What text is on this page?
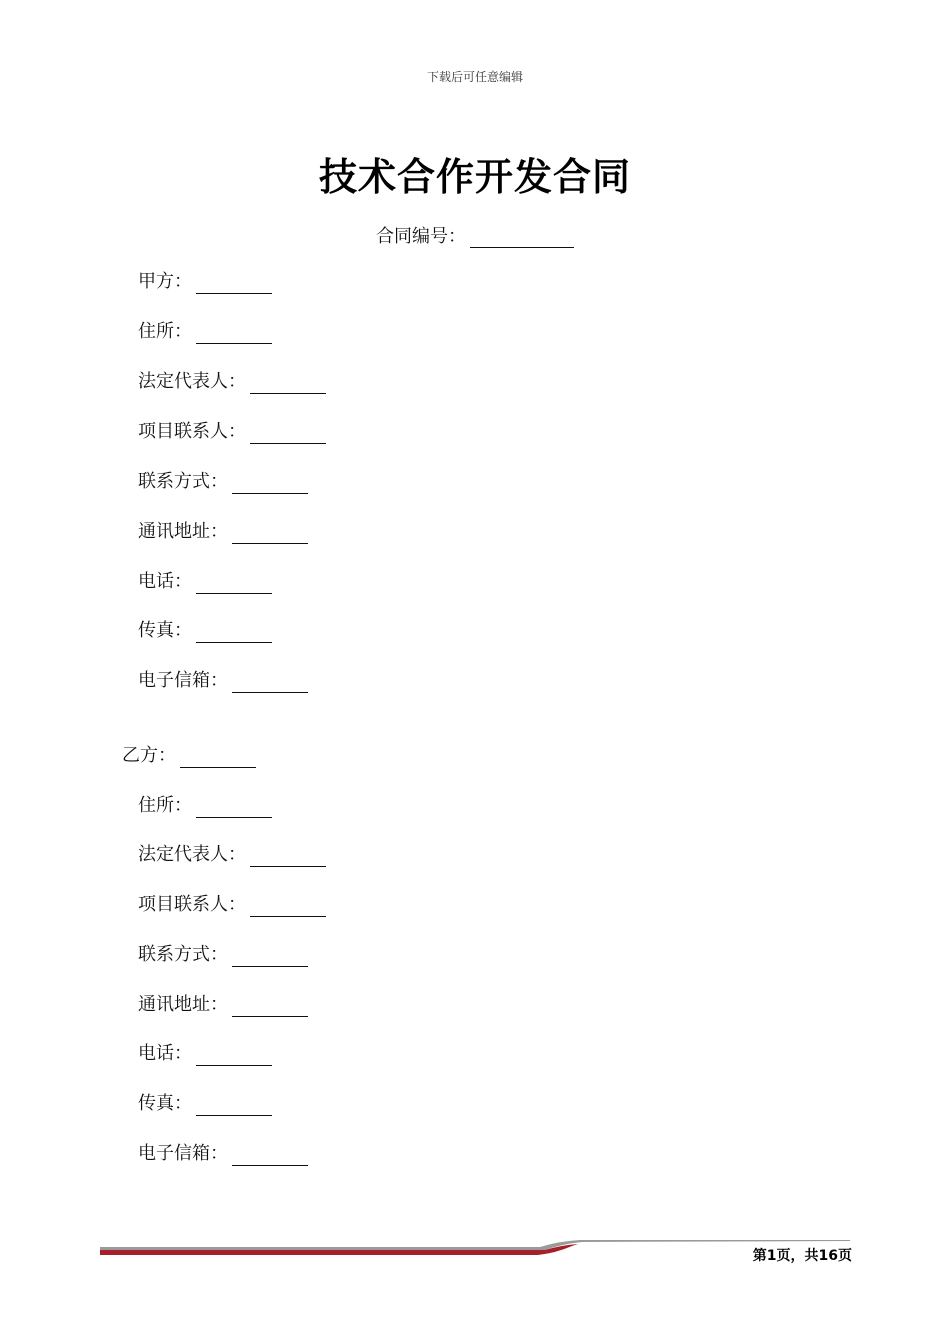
下载后可任意编辑
技术合作开发合同
合同编号：
甲方：
住所：
法定代表人：
项目联系人：
联系方式：
通讯地址：
电话：
传真：
电子信箱：
乙方：
住所：
法定代表人：
项目联系人：
联系方式：
通讯地址：
电话：
传真：
电子信箱：
第1页，共16页
